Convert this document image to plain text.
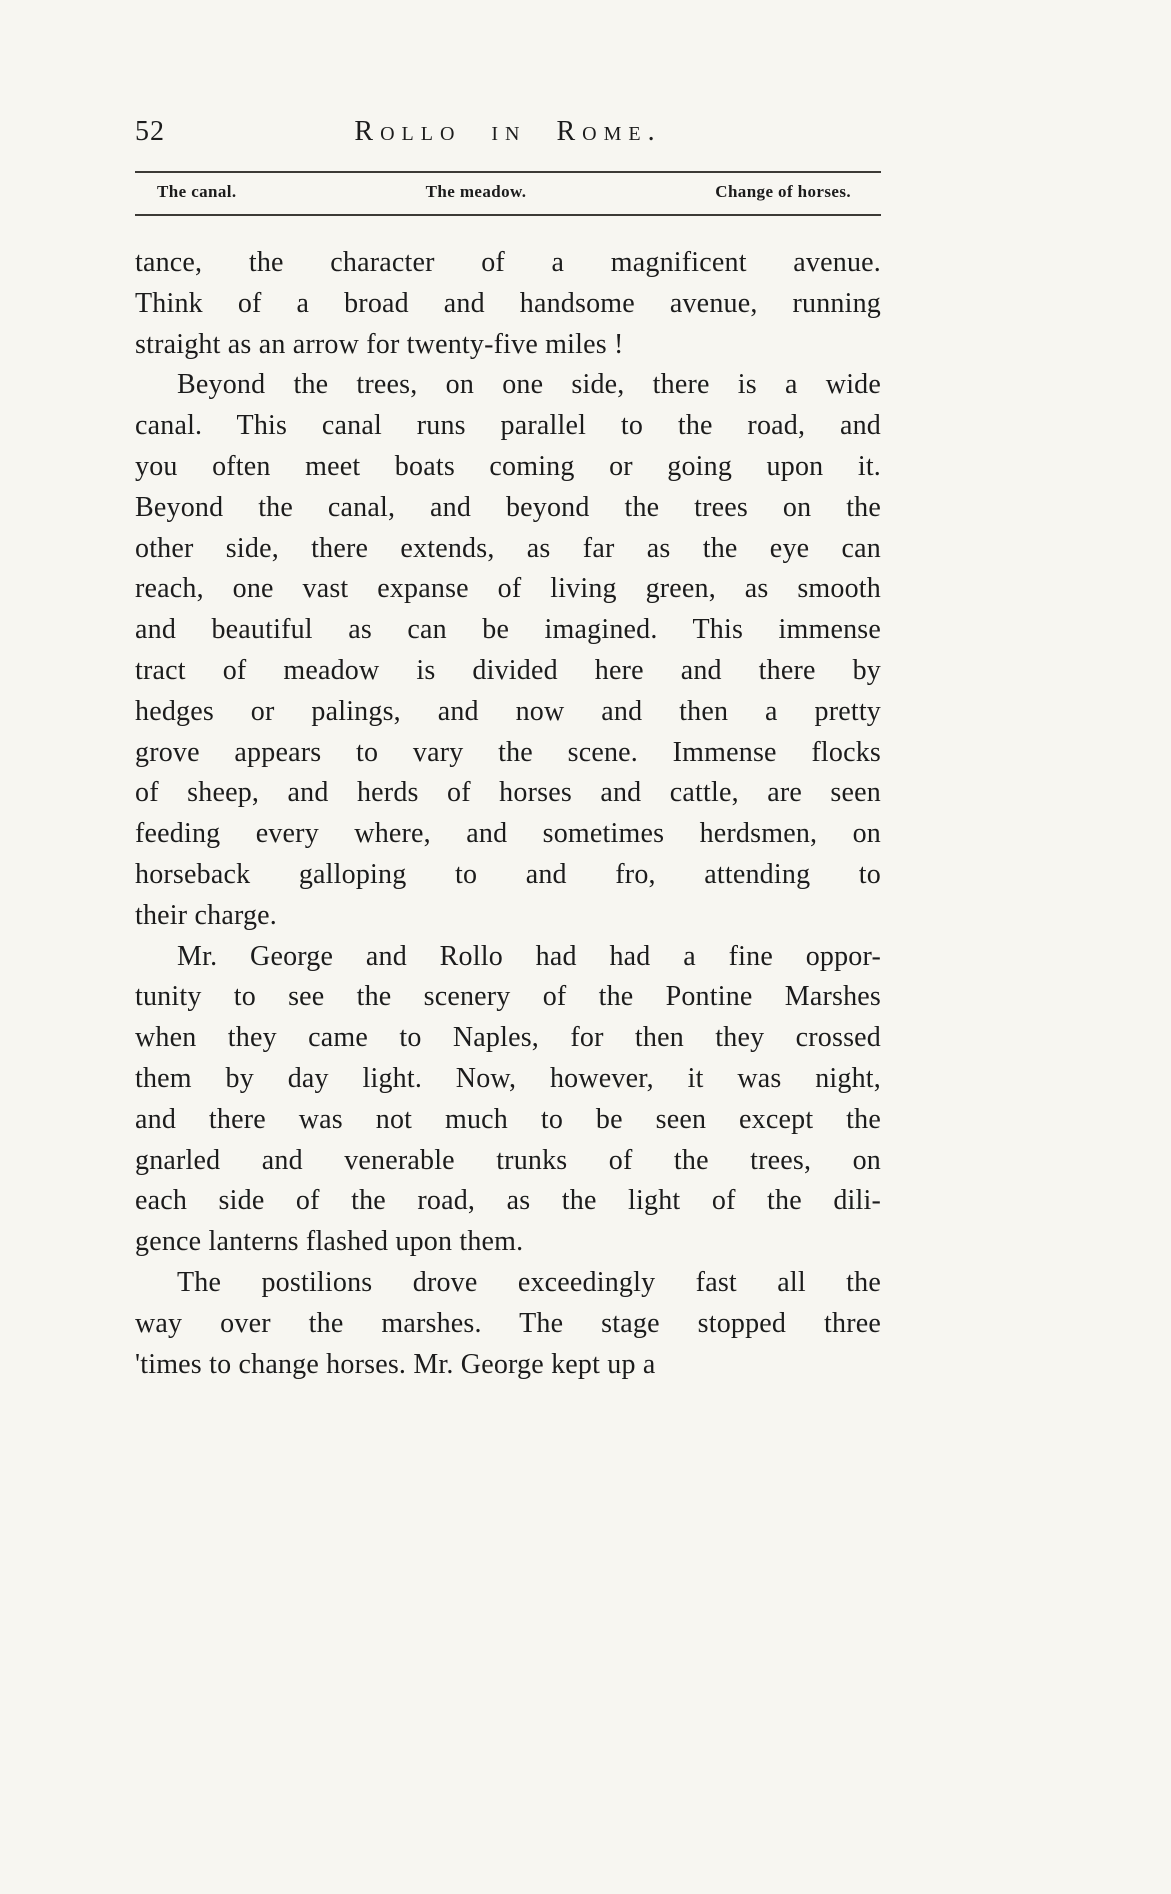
52	Rollo in Rome.
The canal.	The meadow.	Change of horses.
tance, the character of a magnificent avenue.
Think of a broad and handsome avenue, running
straight as an arrow for twenty-five miles !
Beyond the trees, on one side, there is a wide
canal. This canal runs parallel to the road, and
you often meet boats coming or going upon it.
Beyond the canal, and beyond the trees on the
other side, there extends, as far as the eye can
reach, one vast expanse of living green, as smooth
and beautiful as can be imagined. This immense
tract of meadow is divided here and there by
hedges or palings, and now and then a pretty
grove appears to vary the scene. Immense flocks
of sheep, and herds of horses and cattle, are seen
feeding every where, and sometimes herdsmen, on
horseback galloping to and fro, attending to
their charge.
Mr. George and Rollo had had a fine oppor-
tunity to see the scenery of the Pontine Marshes
when they came to Naples, for then they crossed
them by day light. Now, however, it was night,
and there was not much to be seen except the
gnarled and venerable trunks of the trees, on
each side of the road, as the light of the dili-
gence lanterns flashed upon them.
The postilions drove exceedingly fast all the
way over the marshes. The stage stopped three
'times to change horses. Mr. George kept up a
